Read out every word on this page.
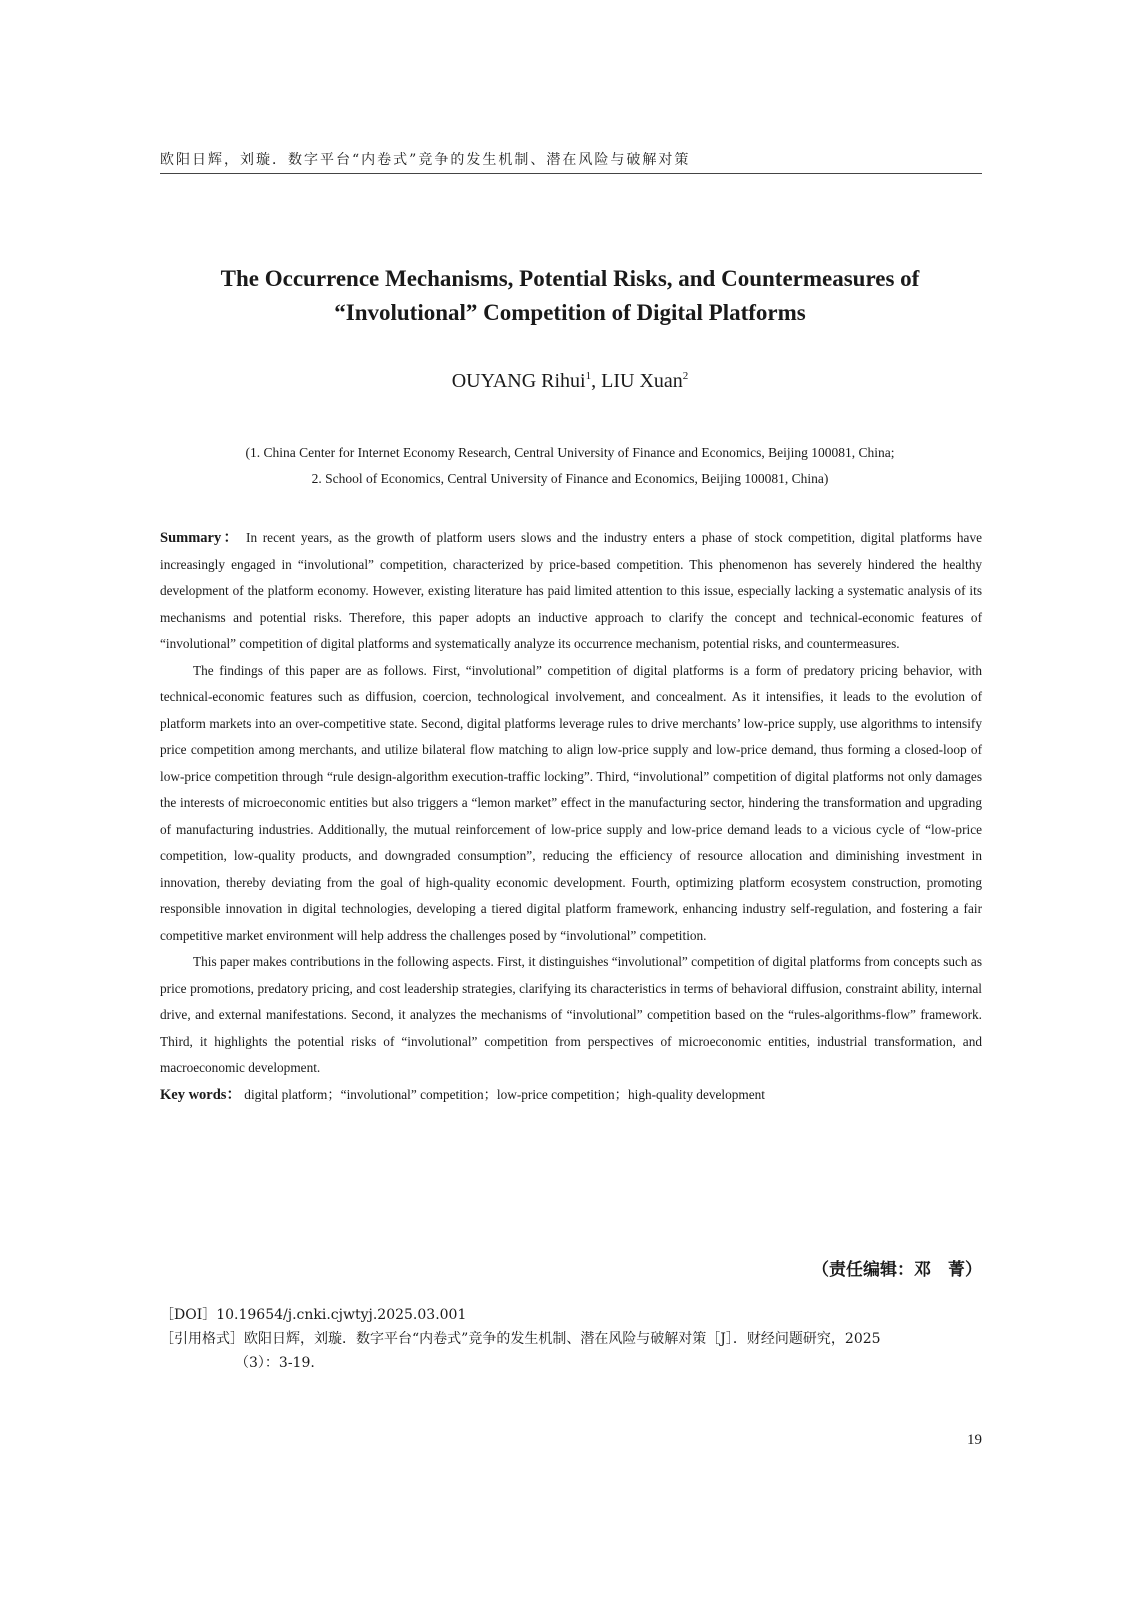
欧阳日辉，刘璇．数字平台“内卷式”竞争的发生机制、潜在风险与破解对策
The Occurrence Mechanisms, Potential Risks, and Countermeasures of
“Involutional” Competition of Digital Platforms
OUYANG Rihui$^1$, LIU Xuan$^2$
(1. China Center for Internet Economy Research, Central University of Finance and Economics, Beijing 100081, China;
2. School of Economics, Central University of Finance and Economics, Beijing 100081, China)

Summary： In recent years, as the growth of platform users slows and the industry enters a phase of stock competition, digital platforms have increasingly engaged in “involutional” competition, characterized by price-based competition. This phenomenon has severely hindered the healthy development of the platform economy. However, existing literature has paid limited attention to this issue, especially lacking a systematic analysis of its mechanisms and potential risks. Therefore, this paper adopts an inductive approach to clarify the concept and technical-economic features of “involutional” competition of digital platforms and systematically analyze its occurrence mechanism, potential risks, and countermeasures.

The findings of this paper are as follows. First, “involutional” competition of digital platforms is a form of predatory pricing behavior, with technical-economic features such as diffusion, coercion, technological involvement, and concealment. As it intensifies, it leads to the evolution of platform markets into an over-competitive state. Second, digital platforms leverage rules to drive merchants’ low-price supply, use algorithms to intensify price competition among merchants, and utilize bilateral flow matching to align low-price supply and low-price demand, thus forming a closed-loop of low-price competition through “rule design-algorithm execution-traffic locking”. Third, “involutional” competition of digital platforms not only damages the interests of microeconomic entities but also triggers a “lemon market” effect in the manufacturing sector, hindering the transformation and upgrading of manufacturing industries. Additionally, the mutual reinforcement of low-price supply and low-price demand leads to a vicious cycle of “low-price competition, low-quality products, and downgraded consumption”, reducing the efficiency of resource allocation and diminishing investment in innovation, thereby deviating from the goal of high-quality economic development. Fourth, optimizing platform ecosystem construction, promoting responsible innovation in digital technologies, developing a tiered digital platform framework, enhancing industry self-regulation, and fostering a fair competitive market environment will help address the challenges posed by “involutional” competition.

This paper makes contributions in the following aspects. First, it distinguishes “involutional” competition of digital platforms from concepts such as price promotions, predatory pricing, and cost leadership strategies, clarifying its characteristics in terms of behavioral diffusion, constraint ability, internal drive, and external manifestations. Second, it analyzes the mechanisms of “involutional” competition based on the “rules-algorithms-flow” framework. Third, it highlights the potential risks of “involutional” competition from perspectives of microeconomic entities, industrial transformation, and macroeconomic development.

Key words： digital platform；“involutional” competition；low-price competition；high-quality development

（责任编辑：邓　菁）

［DOI］10.19654/j.cnki.cjwtyj.2025.03.001

［引用格式］欧阳日辉，刘璇．数字平台“内卷式”竞争的发生机制、潜在风险与破解对策［J］．财经问题研究，2025

（3）：3-19.

19
